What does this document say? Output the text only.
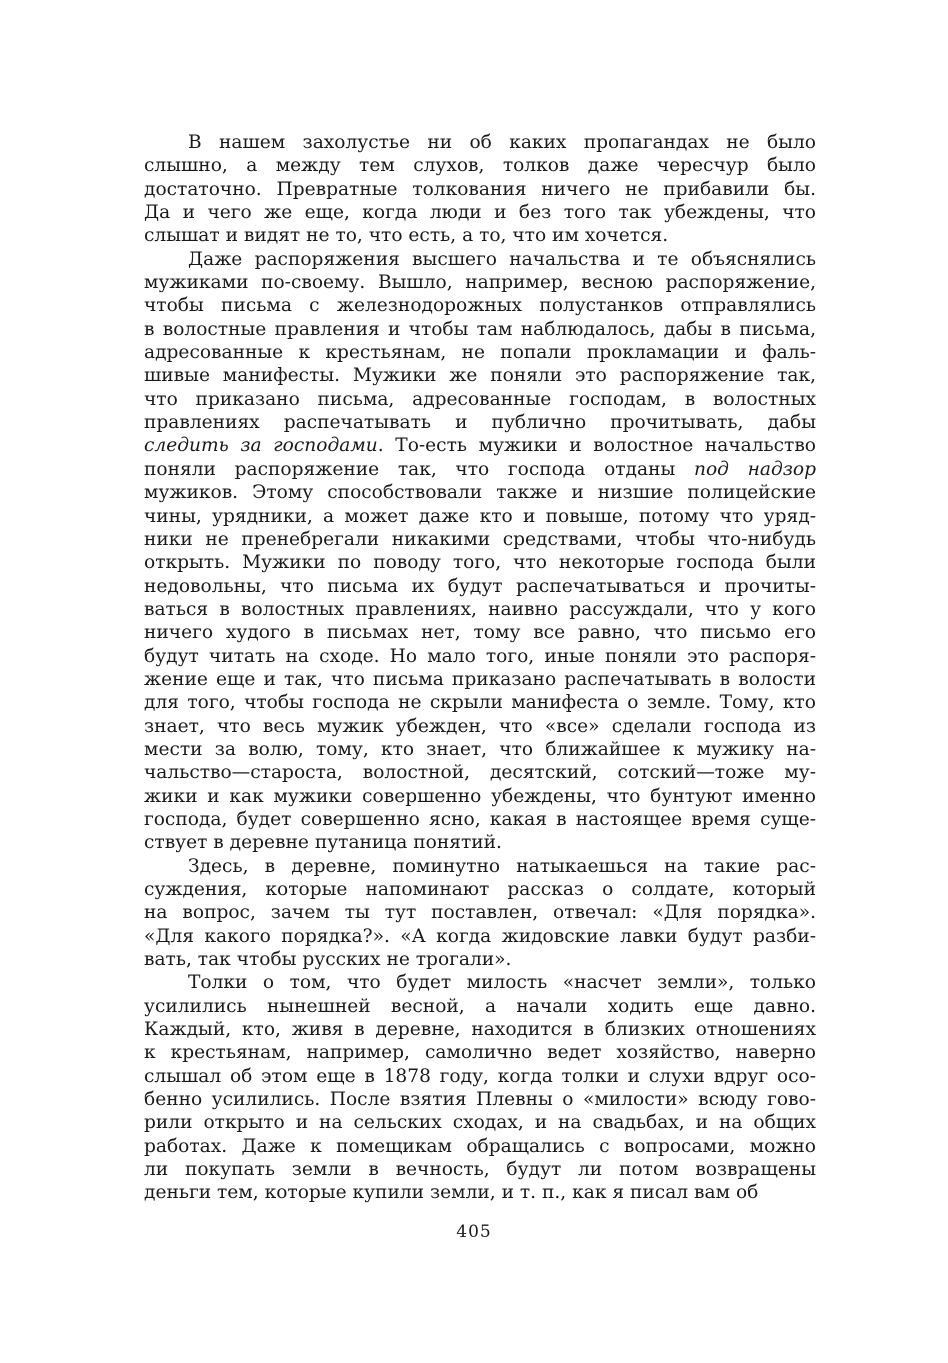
В нашем захолустье ни об каких пропагандах не было
слышно, а между тем слухов, толков даже чересчур было
достаточно. Превратные толкования ничего не прибавили бы.
Да и чего же еще, когда люди и без того так убеждены, что
слышат и видят не то, что есть, а то, что им хочется.
Даже распоряжения высшего начальства и те объяснялись
мужиками по-своему. Вышло, например, весною распоряжение,
чтобы письма с железнодорожных полустанков отправлялись
в волостные правления и чтобы там наблюдалось, дабы в письма,
адресованные к крестьянам, не попали прокламации и фаль-
шивые манифесты. Мужики же поняли это распоряжение так,
что приказано письма, адресованные господам, в волостных
правлениях распечатывать и публично прочитывать, дабы
следить за господами. То-есть мужики и волостное начальство
поняли распоряжение так, что господа отданы под надзор
мужиков. Этому способствовали также и низшие полицейские
чины, урядники, а может даже кто и повыше, потому что уряд-
ники не пренебрегали никакими средствами, чтобы что-нибудь
открыть. Мужики по поводу того, что некоторые господа были
недовольны, что письма их будут распечатываться и прочиты-
ваться в волостных правлениях, наивно рассуждали, что у кого
ничего худого в письмах нет, тому все равно, что письмо его
будут читать на сходе. Но мало того, иные поняли это распоря-
жение еще и так, что письма приказано распечатывать в волости
для того, чтобы господа не скрыли манифеста о земле. Тому, кто
знает, что весь мужик убежден, что «все» сделали господа из
мести за волю, тому, кто знает, что ближайшее к мужику на-
чальство—староста, волостной, десятский, сотский—тоже му-
жики и как мужики совершенно убеждены, что бунтуют именно
господа, будет совершенно ясно, какая в настоящее время суще-
ствует в деревне путаница понятий.
Здесь, в деревне, поминутно натыкаешься на такие рас-
суждения, которые напоминают рассказ о солдате, который
на вопрос, зачем ты тут поставлен, отвечал: «Для порядка».
«Для какого порядка?». «А когда жидовские лавки будут разби-
вать, так чтобы русских не трогали».
Толки о том, что будет милость «насчет земли», только
усилились нынешней весной, а начали ходить еще давно.
Каждый, кто, живя в деревне, находится в близких отношениях
к крестьянам, например, самолично ведет хозяйство, наверно
слышал об этом еще в 1878 году, когда толки и слухи вдруг осо-
бенно усилились. После взятия Плевны о «милости» всюду гово-
рили открыто и на сельских сходах, и на свадьбах, и на общих
работах. Даже к помещикам обращались с вопросами, можно
ли покупать земли в вечность, будут ли потом возвращены
деньги тем, которые купили земли, и т. п., как я писал вам об
405
